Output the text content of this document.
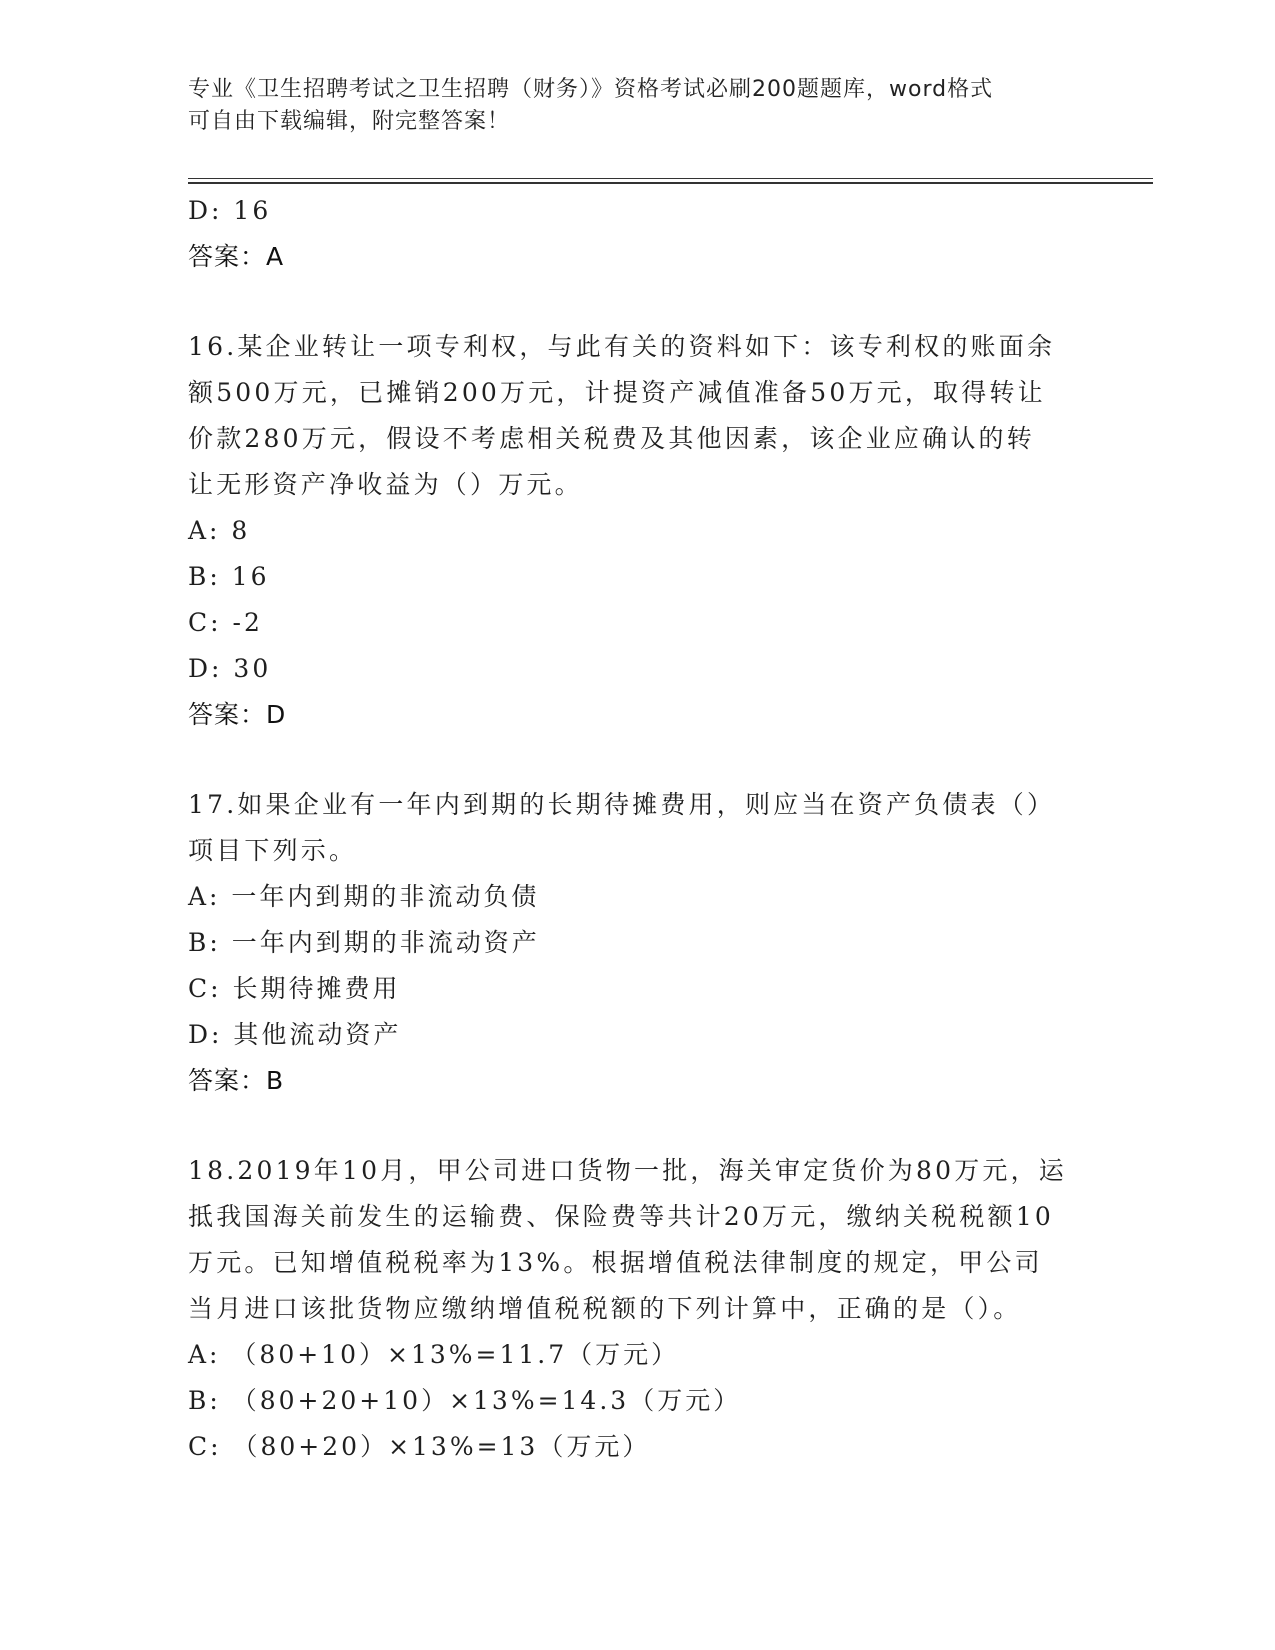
专业《卫生招聘考试之卫生招聘（财务）》资格考试必刷200题题库，word格式
可自由下载编辑，附完整答案！
D: 16
答案：A
16.某企业转让一项专利权，与此有关的资料如下：该专利权的账面余
额500万元，已摊销200万元，计提资产减值准备50万元，取得转让
价款280万元，假设不考虑相关税费及其他因素，该企业应确认的转
让无形资产净收益为（）万元。
A: 8
B: 16
C: -2
D: 30
答案：D
17.如果企业有一年内到期的长期待摊费用，则应当在资产负债表（）
项目下列示。
A: 一年内到期的非流动负债
B: 一年内到期的非流动资产
C: 长期待摊费用
D: 其他流动资产
答案：B
18.2019年10月，甲公司进口货物一批，海关审定货价为80万元，运
抵我国海关前发生的运输费、保险费等共计20万元，缴纳关税税额10
万元。已知增值税税率为13%。根据增值税法律制度的规定，甲公司
当月进口该批货物应缴纳增值税税额的下列计算中，正确的是（）。
A: （80+10）×13%=11.7（万元）
B: （80+20+10）×13%=14.3（万元）
C: （80+20）×13%=13（万元）
